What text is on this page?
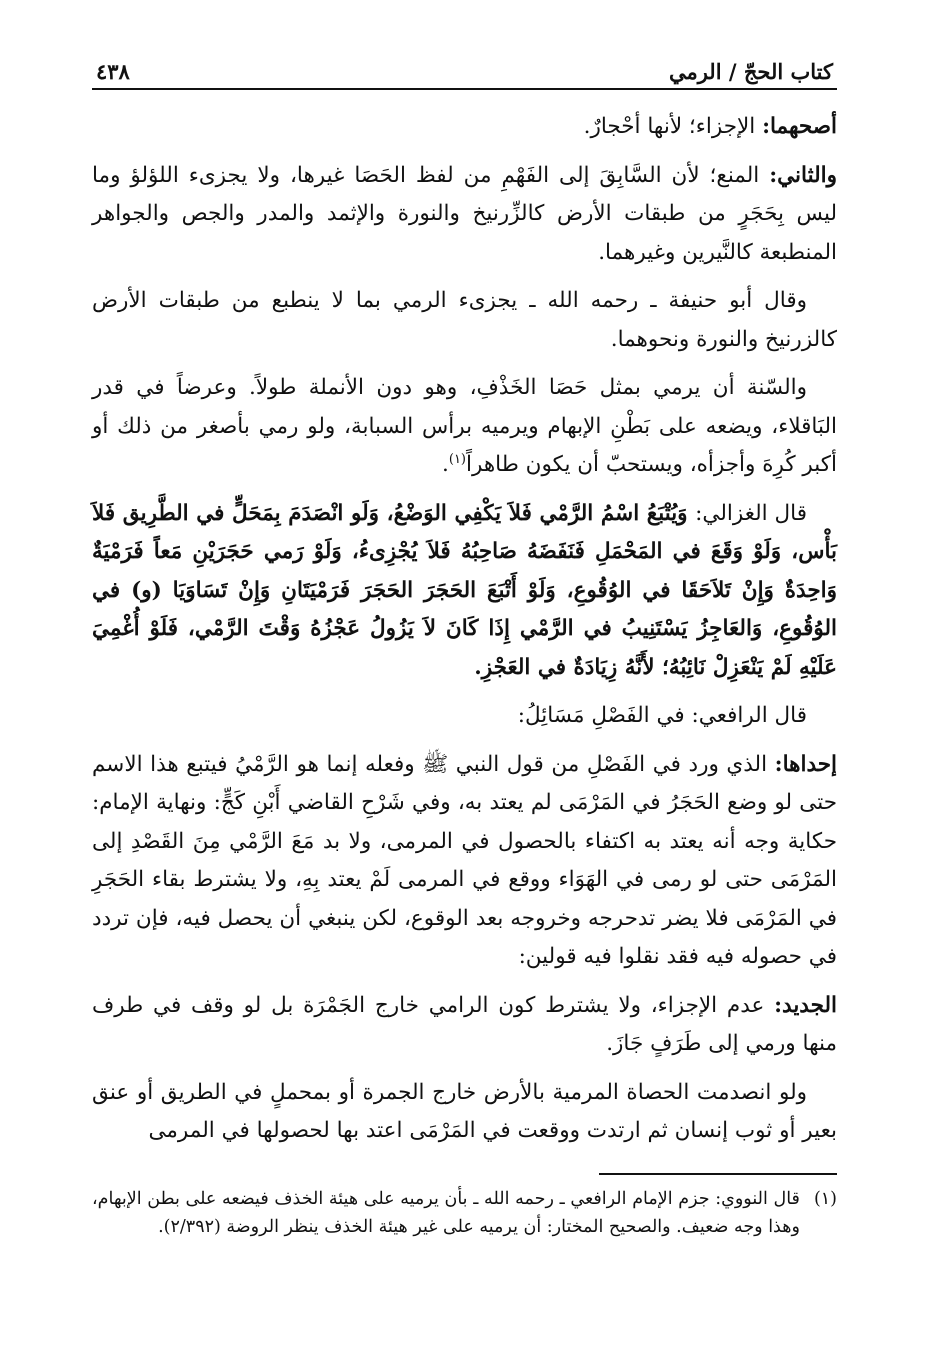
كتاب الحجّ / الرمي
٤٣٨

أصحهما: الإجزاء؛ لأنها أحْجارٌ.

والثاني: المنع؛ لأن السَّابِقَ إلى الفَهْمِ من لفظ الحَصَا غيرها، ولا يجزىء اللؤلؤ وما ليس بِحَجَرٍ من طبقات الأرض كالزِّرنيخ والنورة والإثمد والمدر والجص والجواهر المنطبعة كالنَّيرين وغيرهما.

وقال أبو حنيفة ـ رحمه الله ـ يجزىء الرمي بما لا ينطبع من طبقات الأرض كالزرنيخ والنورة ونحوهما.

والسّنة أن يرمي بمثل حَصَا الخَذْفِ، وهو دون الأنملة طولاً. وعرضاً في قدر البَاقلاء، ويضعه على بَطْنِ الإبهام ويرميه برأس السبابة، ولو رمي بأصغر من ذلك أو أكبر كُرِهَ وأجزأه، ويستحبّ أن يكون طاهراً$^{(١)}$.

قال الغزالي: وَيُتْبَعُ اسْمُ الرَّمْي فَلاَ يَكْفِي الوَضْعُ، وَلَو انْصَدَمَ بِمَحَلٍّ في الطَّرِيق فَلاَ بَأْس، وَلَوْ وَقَعَ في المَحْمَلِ فَنَفَضَهُ صَاحِبُهُ فَلاَ يُجْزِىءُ، وَلَوْ رَمي حَجَرَيْنِ مَعاً فَرَمْيَةٌ وَاحِدَةٌ وَإِنْ تَلاَحَقَا في الوُقُوعِ، وَلَوْ أَتْبَعَ الحَجَرَ الحَجَرَ فَرَمْيَتَانِ وَإِنْ تَسَاوَيَا (و) في الوُقُوعِ، وَالعَاجِزُ يَسْتَنِيبُ في الرَّمْي إِذَا كَانَ لاَ يَزُولُ عَجْزُهُ وَقْتَ الرَّمْي، فَلَوْ أُغْمِيَ عَلَيْهِ لَمْ يَنْعَزِلْ نَائِبُهُ؛ لأَنَّهُ زِيَادَةٌ في العَجْزِ.

قال الرافعي: في الفَصْلِ مَسَائِلُ:

إحداها: الذي ورد في الفَصْلِ من قول النبي ﷺ وفعله إنما هو الرَّمْيُ فيتبع هذا الاسم حتى لو وضع الحَجَرُ في المَرْمَى لم يعتد به، وفي شَرْحِ القاضي أَبْنِ كَجٍّ: ونهاية الإمام: حكاية وجه أنه يعتد به اكتفاء بالحصول في المرمى، ولا بد مَعَ الرَّمْي مِنَ القَصْدِ إلى المَرْمَى حتى لو رمى في الهَوَاء ووقع في المرمى لَمْ يعتد بِهِ، ولا يشترط بقاء الحَجَرِ في المَرْمَى فلا يضر تدحرجه وخروجه بعد الوقوع، لكن ينبغي أن يحصل فيه، فإن تردد في حصوله فيه فقد نقلوا فيه قولين:

الجديد: عدم الإجزاء، ولا يشترط كون الرامي خارج الجَمْرَة بل لو وقف في طرف منها ورمي إلى طَرَفٍ جَازَ.

ولو انصدمت الحصاة المرمية بالأرض خارج الجمرة أو بمحملٍ في الطريق أو عنق بعير أو ثوب إنسان ثم ارتدت ووقعت في المَرْمَى اعتد بها لحصولها في المرمى

(١)
قال النووي: جزم الإمام الرافعي ـ رحمه الله ـ بأن يرميه على هيئة الخذف فيضعه على بطن الإبهام، وهذا وجه ضعيف. والصحيح المختار: أن يرميه على غير هيئة الخذف ينظر الروضة (٢/٣٩٢).
